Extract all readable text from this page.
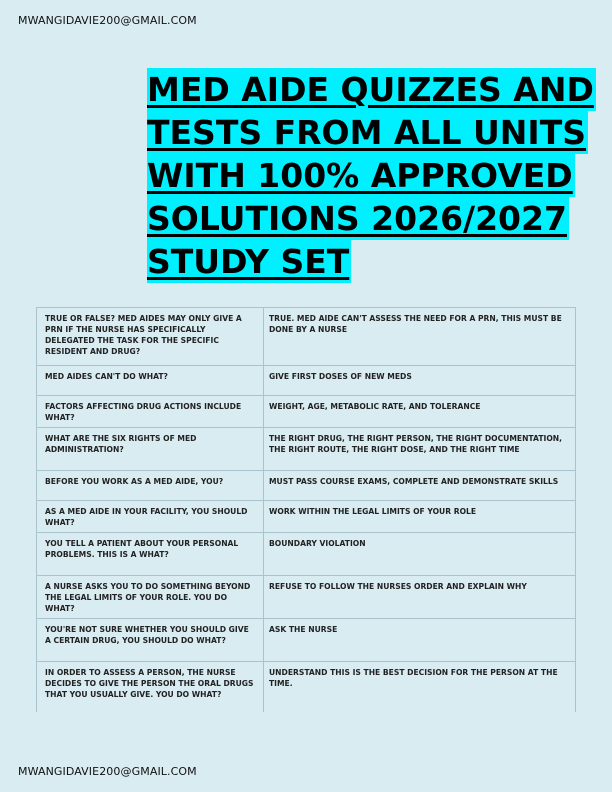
MWANGIDAVIE200@GMAIL.COM
MED AIDE QUIZZES AND
TESTS FROM ALL UNITS
WITH 100% APPROVED
SOLUTIONS 2026/2027
STUDY SET
TRUE OR FALSE? MED AIDES MAY ONLY GIVE A PRN IF THE NURSE HAS SPECIFICALLY DELEGATED THE TASK FOR THE SPECIFIC RESIDENT AND DRUG?	TRUE. MED AIDE CAN'T ASSESS THE NEED FOR A PRN, THIS MUST BE DONE BY A NURSE
MED AIDES CAN'T DO WHAT?	GIVE FIRST DOSES OF NEW MEDS
FACTORS AFFECTING DRUG ACTIONS INCLUDE WHAT?	WEIGHT, AGE, METABOLIC RATE, AND TOLERANCE
WHAT ARE THE SIX RIGHTS OF MED ADMINISTRATION?	THE RIGHT DRUG, THE RIGHT PERSON, THE RIGHT DOCUMENTATION, THE RIGHT ROUTE, THE RIGHT DOSE, AND THE RIGHT TIME
BEFORE YOU WORK AS A MED AIDE, YOU?	MUST PASS COURSE EXAMS, COMPLETE AND DEMONSTRATE SKILLS
AS A MED AIDE IN YOUR FACILITY, YOU SHOULD WHAT?	WORK WITHIN THE LEGAL LIMITS OF YOUR ROLE
YOU TELL A PATIENT ABOUT YOUR PERSONAL PROBLEMS. THIS IS A WHAT?	BOUNDARY VIOLATION
A NURSE ASKS YOU TO DO SOMETHING BEYOND THE LEGAL LIMITS OF YOUR ROLE. YOU DO WHAT?	REFUSE TO FOLLOW THE NURSES ORDER AND EXPLAIN WHY
YOU'RE NOT SURE WHETHER YOU SHOULD GIVE A CERTAIN DRUG, YOU SHOULD DO WHAT?	ASK THE NURSE
IN ORDER TO ASSESS A PERSON, THE NURSE DECIDES TO GIVE THE PERSON THE ORAL DRUGS THAT YOU USUALLY GIVE. YOU DO WHAT?	UNDERSTAND THIS IS THE BEST DECISION FOR THE PERSON AT THE TIME.
MWANGIDAVIE200@GMAIL.COM
